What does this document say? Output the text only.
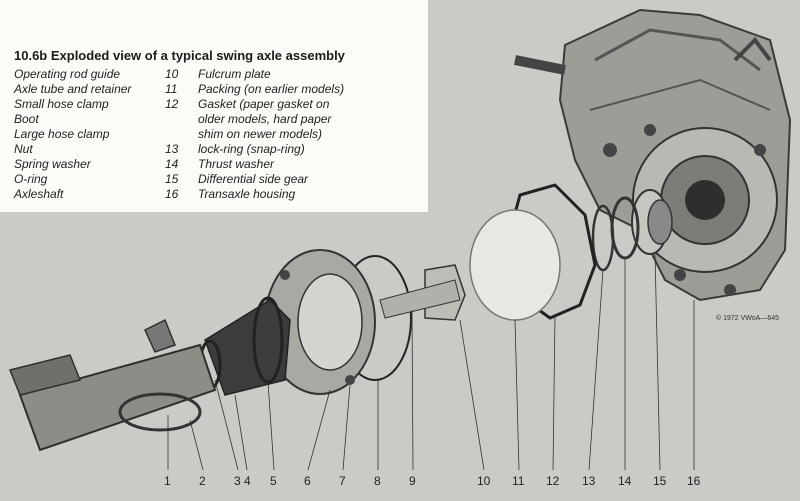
10.6b Exploded view of a typical swing axle assembly
Operating rod guide
Axle tube and retainer
Small hose clamp
Boot
Large hose clamp
Nut
Spring washer
O-ring
Axleshaft
10
11
12
13
14
15
16
Fulcrum plate
Packing (on earlier models)
Gasket (paper gasket on
older models, hard paper
shim on newer models)
lock-ring (snap-ring)
Thrust washer
Differential side gear
Transaxle housing
© 1972 VWoA—645
1 2 3 4 5 6 7 8 9	10 11 12 13 14 15 16
